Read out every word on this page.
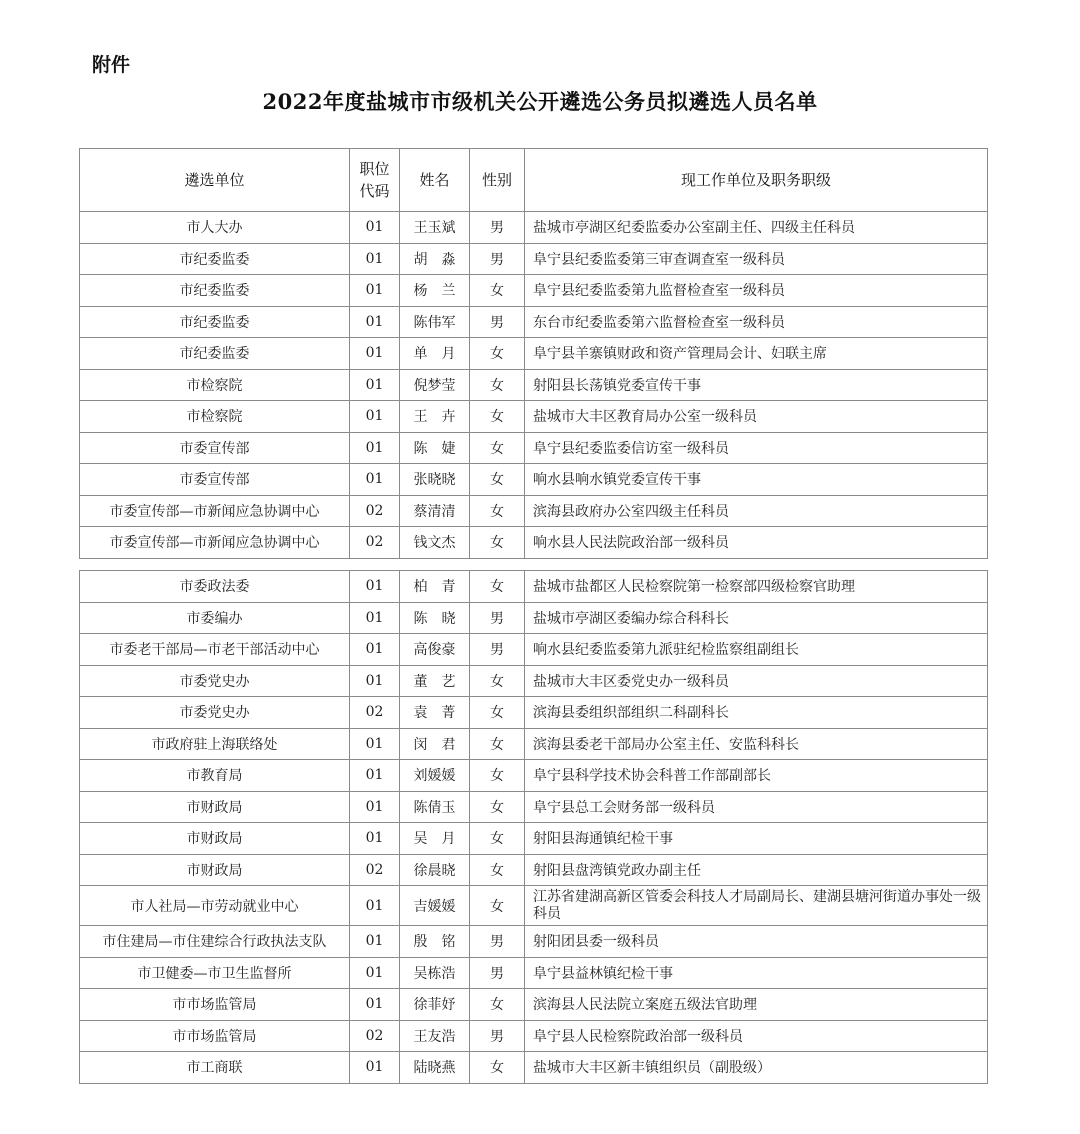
附件
2022年度盐城市市级机关公开遴选公务员拟遴选人员名单
遴选单位	职位代码	姓名	性别	现工作单位及职务职级
市人大办	01	王玉斌	男	盐城市亭湖区纪委监委办公室副主任、四级主任科员
市纪委监委	01	胡　淼	男	阜宁县纪委监委第三审查调查室一级科员
市纪委监委	01	杨　兰	女	阜宁县纪委监委第九监督检查室一级科员
市纪委监委	01	陈伟军	男	东台市纪委监委第六监督检查室一级科员
市纪委监委	01	单　月	女	阜宁县羊寨镇财政和资产管理局会计、妇联主席
市检察院	01	倪梦莹	女	射阳县长荡镇党委宣传干事
市检察院	01	王　卉	女	盐城市大丰区教育局办公室一级科员
市委宣传部	01	陈　婕	女	阜宁县纪委监委信访室一级科员
市委宣传部	01	张晓晓	女	响水县响水镇党委宣传干事
市委宣传部—市新闻应急协调中心	02	蔡清清	女	滨海县政府办公室四级主任科员
市委宣传部—市新闻应急协调中心	02	钱文杰	女	响水县人民法院政治部一级科员
市委政法委	01	柏　青	女	盐城市盐都区人民检察院第一检察部四级检察官助理
市委编办	01	陈　晓	男	盐城市亭湖区委编办综合科科长
市委老干部局—市老干部活动中心	01	高俊豪	男	响水县纪委监委第九派驻纪检监察组副组长
市委党史办	01	董　艺	女	盐城市大丰区委党史办一级科员
市委党史办	02	袁　菁	女	滨海县委组织部组织二科副科长
市政府驻上海联络处	01	闵　君	女	滨海县委老干部局办公室主任、安监科科长
市教育局	01	刘媛媛	女	阜宁县科学技术协会科普工作部副部长
市财政局	01	陈倩玉	女	阜宁县总工会财务部一级科员
市财政局	01	吴　月	女	射阳县海通镇纪检干事
市财政局	02	徐晨晓	女	射阳县盘湾镇党政办副主任
市人社局—市劳动就业中心	01	吉媛媛	女	江苏省建湖高新区管委会科技人才局副局长、建湖县塘河街道办事处一级科员
市住建局—市住建综合行政执法支队	01	殷　铭	男	射阳团县委一级科员
市卫健委—市卫生监督所	01	吴栋浩	男	阜宁县益林镇纪检干事
市市场监管局	01	徐菲妤	女	滨海县人民法院立案庭五级法官助理
市市场监管局	02	王友浩	男	阜宁县人民检察院政治部一级科员
市工商联	01	陆晓燕	女	盐城市大丰区新丰镇组织员（副股级）
